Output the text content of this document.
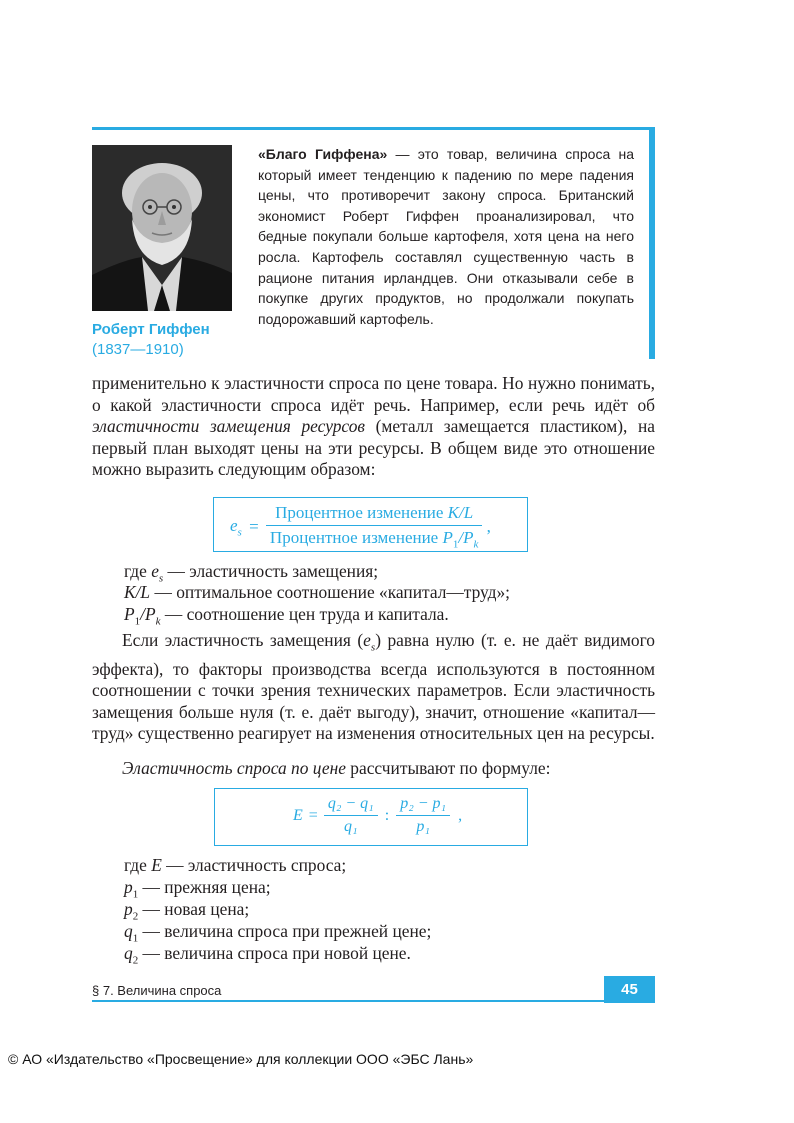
Роберт Гиффен
(1837—1910)
«Благо Гиффена» — это товар, величина спроса на который имеет тенденцию к падению по мере падения цены, что противоречит закону спроса. Британский экономист Роберт Гиффен проанализировал, что бедные покупали больше картофеля, хотя цена на него росла. Картофель составлял существенную часть в рационе питания ирландцев. Они отказывали себе в покупке других продуктов, но продолжали покупать подорожавший картофель.
применительно к эластичности спроса по цене товара. Но нужно понимать, о какой эластичности спроса идёт речь. Например, если речь идёт об эластичности замещения ресурсов (металл замещается пластиком), на первый план выходят цены на эти ресурсы. В общем виде это отношение можно выразить следующим образом:
$e_s = \frac{\text{Процентное изменение K/L}}{Процентное изменение P_1/P_k}$ ,
где $e_s$ — эластичность замещения;
K/L — оптимальное соотношение «капитал—труд»;
$P_1/P_k$ — соотношение цен труда и капитала.
Если эластичность замещения $(e_s)$ равна нулю (т. е. не даёт видимого эффекта), то факторы производства всегда используются в постоянном соотношении с точки зрения технических параметров. Если эластичность замещения больше нуля (т. е. даёт выгоду), значит, отношение «капитал—труд» существенно реагирует на изменения относительных цен на ресурсы.
Эластичность спроса по цене рассчитывают по формуле:
$E = \frac{\text{q₂ − q₁}}{\text{q₁}}$ : $\frac{\text{p₂ − p₁}}{\text{p₁}}$ ,
где E — эластичность спроса;
$p_1$ — прежняя цена;
$p_2$ — новая цена;
$q_1$ — величина спроса при прежней цене;
$q_2$ — величина спроса при новой цене.
§ 7. Величина спроса	45
© АО «Издательство «Просвещение» для коллекции ООО «ЭБС Лань»
